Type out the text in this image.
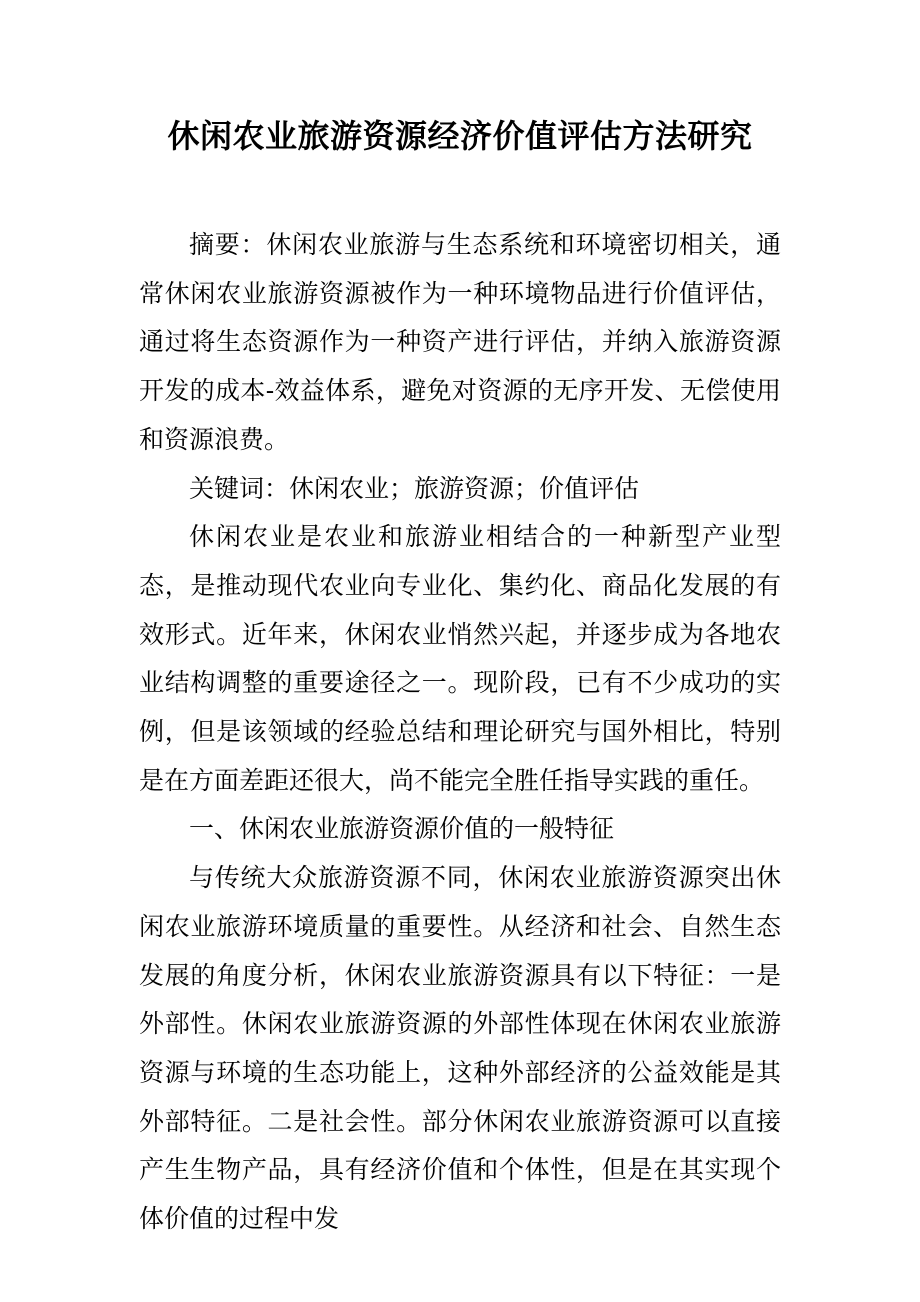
休闲农业旅游资源经济价值评估方法研究

摘要：休闲农业旅游与生态系统和环境密切相关，通常休闲农业旅游资源被作为一种环境物品进行价值评估，通过将生态资源作为一种资产进行评估，并纳入旅游资源开发的成本-效益体系，避免对资源的无序开发、无偿使用和资源浪费。

关键词：休闲农业；旅游资源；价值评估

休闲农业是农业和旅游业相结合的一种新型产业型态，是推动现代农业向专业化、集约化、商品化发展的有效形式。近年来，休闲农业悄然兴起，并逐步成为各地农业结构调整的重要途径之一。现阶段，已有不少成功的实例，但是该领域的经验总结和理论研究与国外相比，特别是在方面差距还很大，尚不能完全胜任指导实践的重任。

一、休闲农业旅游资源价值的一般特征

与传统大众旅游资源不同，休闲农业旅游资源突出休闲农业旅游环境质量的重要性。从经济和社会、自然生态发展的角度分析，休闲农业旅游资源具有以下特征：一是外部性。休闲农业旅游资源的外部性体现在休闲农业旅游资源与环境的生态功能上，这种外部经济的公益效能是其外部特征。二是社会性。部分休闲农业旅游资源可以直接产生生物产品，具有经济价值和个体性，但是在其实现个体价值的过程中发
